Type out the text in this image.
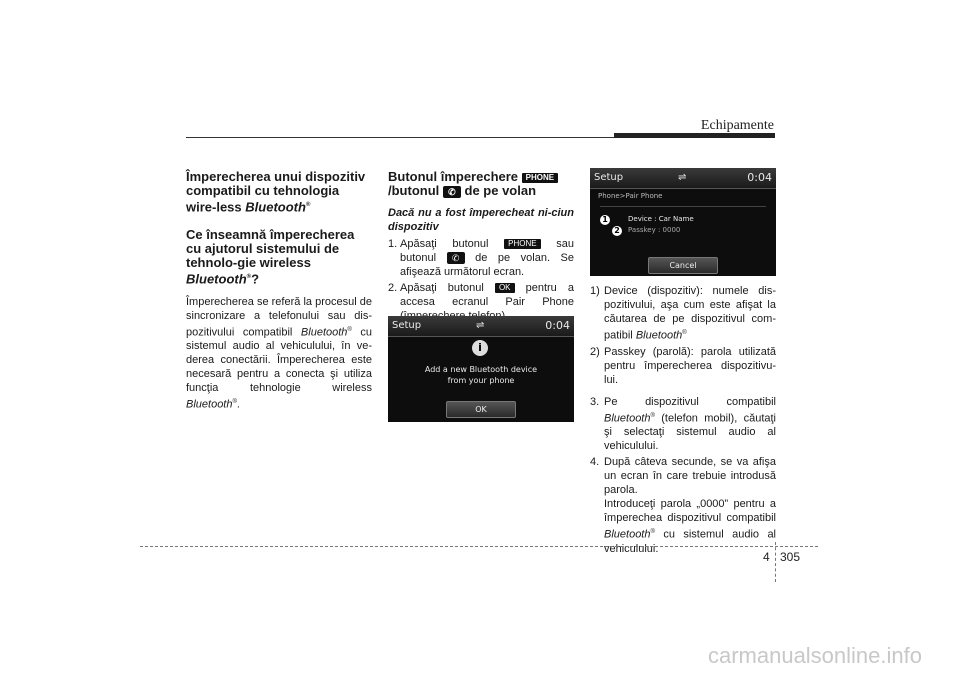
Echipamente

Împerecherea unui dispozitiv compatibil cu tehnologia wire-less Bluetooth®

Ce înseamnă împerecherea cu ajutorul sistemului de tehnolo-gie wireless Bluetooth®?

Împerecherea se referă la procesul de sincronizare a telefonului sau dis-pozitivului compatibil Bluetooth® cu sistemul audio al vehiculului, în ve-derea conectării. Împerecherea este necesară pentru a conecta şi utiliza funcţia tehnologie wireless Bluetooth®.

Butonul împerechere PHONE
/butonul ✆ de pe volan

Dacă nu a fost împerecheat ni-ciun dispozitiv

1. Apăsaţi butonul PHONE sau butonul ✆ de pe volan. Se afişează următorul ecran.

2. Apăsaţi butonul OK pentru a accesa ecranul Pair Phone

Setup	⇌	0:04
i
Add a new Bluetooth device
from your phone
OK
Setup	⇌	0:04
Phone>Pair Phone
1	Device : Car Name
2	Passkey : 0000
Cancel

1) Device (dispozitiv): numele dis-pozitivului, aşa cum este afişat la căutarea de pe dispozitivul com-patibil Bluetooth®

2) Passkey (parolă): parola utilizată pentru împerecherea dispozitivu-lui.

3. Pe dispozitivul compatibil Bluetooth® (telefon mobil), căutaţi şi selectaţi sistemul audio al vehiculului.

4. După câteva secunde, se va afişa un ecran în care trebuie introdusă parola.
Introduceţi parola „0000” pentru a împerechea dispozitivul compatibil Bluetooth® cu sistemul audio al vehiculului.

4 305
carmanualsonline.info
